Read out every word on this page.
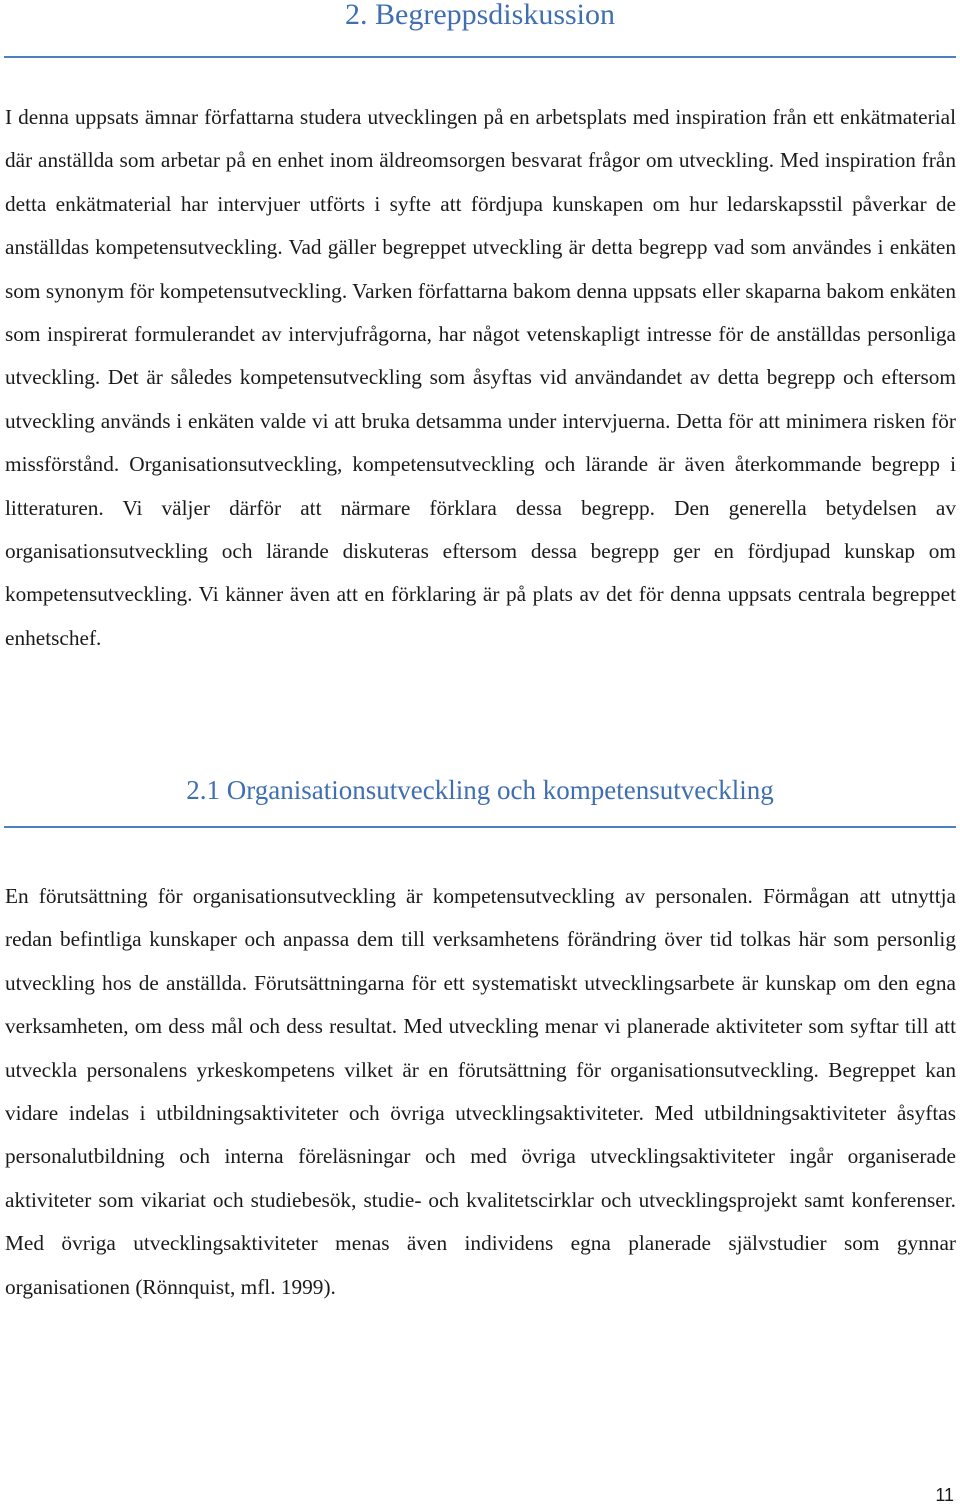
2. Begreppsdiskussion

I denna uppsats ämnar författarna studera utvecklingen på en arbetsplats med inspiration från ett enkätmaterial där anställda som arbetar på en enhet inom äldreomsorgen besvarat frågor om utveckling. Med inspiration från detta enkätmaterial har intervjuer utförts i syfte att fördjupa kunskapen om hur ledarskapsstil påverkar de anställdas kompetensutveckling. Vad gäller begreppet utveckling är detta begrepp vad som användes i enkäten som synonym för kompetensutveckling. Varken författarna bakom denna uppsats eller skaparna bakom enkäten som inspirerat formulerandet av intervjufrågorna, har något vetenskapligt intresse för de anställdas personliga utveckling. Det är således kompetensutveckling som åsyftas vid användandet av detta begrepp och eftersom utveckling används i enkäten valde vi att bruka detsamma under intervjuerna. Detta för att minimera risken för missförstånd. Organisationsutveckling, kompetensutveckling och lärande är även återkommande begrepp i litteraturen. Vi väljer därför att närmare förklara dessa begrepp. Den generella betydelsen av organisationsutveckling och lärande diskuteras eftersom dessa begrepp ger en fördjupad kunskap om kompetensutveckling. Vi känner även att en förklaring är på plats av det för denna uppsats centrala begreppet enhetschef.

2.1 Organisationsutveckling och kompetensutveckling

En förutsättning för organisationsutveckling är kompetensutveckling av personalen. Förmågan att utnyttja redan befintliga kunskaper och anpassa dem till verksamhetens förändring över tid tolkas här som personlig utveckling hos de anställda. Förutsättningarna för ett systematiskt utvecklingsarbete är kunskap om den egna verksamheten, om dess mål och dess resultat. Med utveckling menar vi planerade aktiviteter som syftar till att utveckla personalens yrkeskompetens vilket är en förutsättning för organisationsutveckling. Begreppet kan vidare indelas i utbildningsaktiviteter och övriga utvecklingsaktiviteter. Med utbildningsaktiviteter åsyftas personalutbildning och interna föreläsningar och med övriga utvecklingsaktiviteter ingår organiserade aktiviteter som vikariat och studiebesök, studie- och kvalitetscirklar och utvecklingsprojekt samt konferenser. Med övriga utvecklingsaktiviteter menas även individens egna planerade självstudier som gynnar organisationen (Rönnquist, mfl. 1999).

11
